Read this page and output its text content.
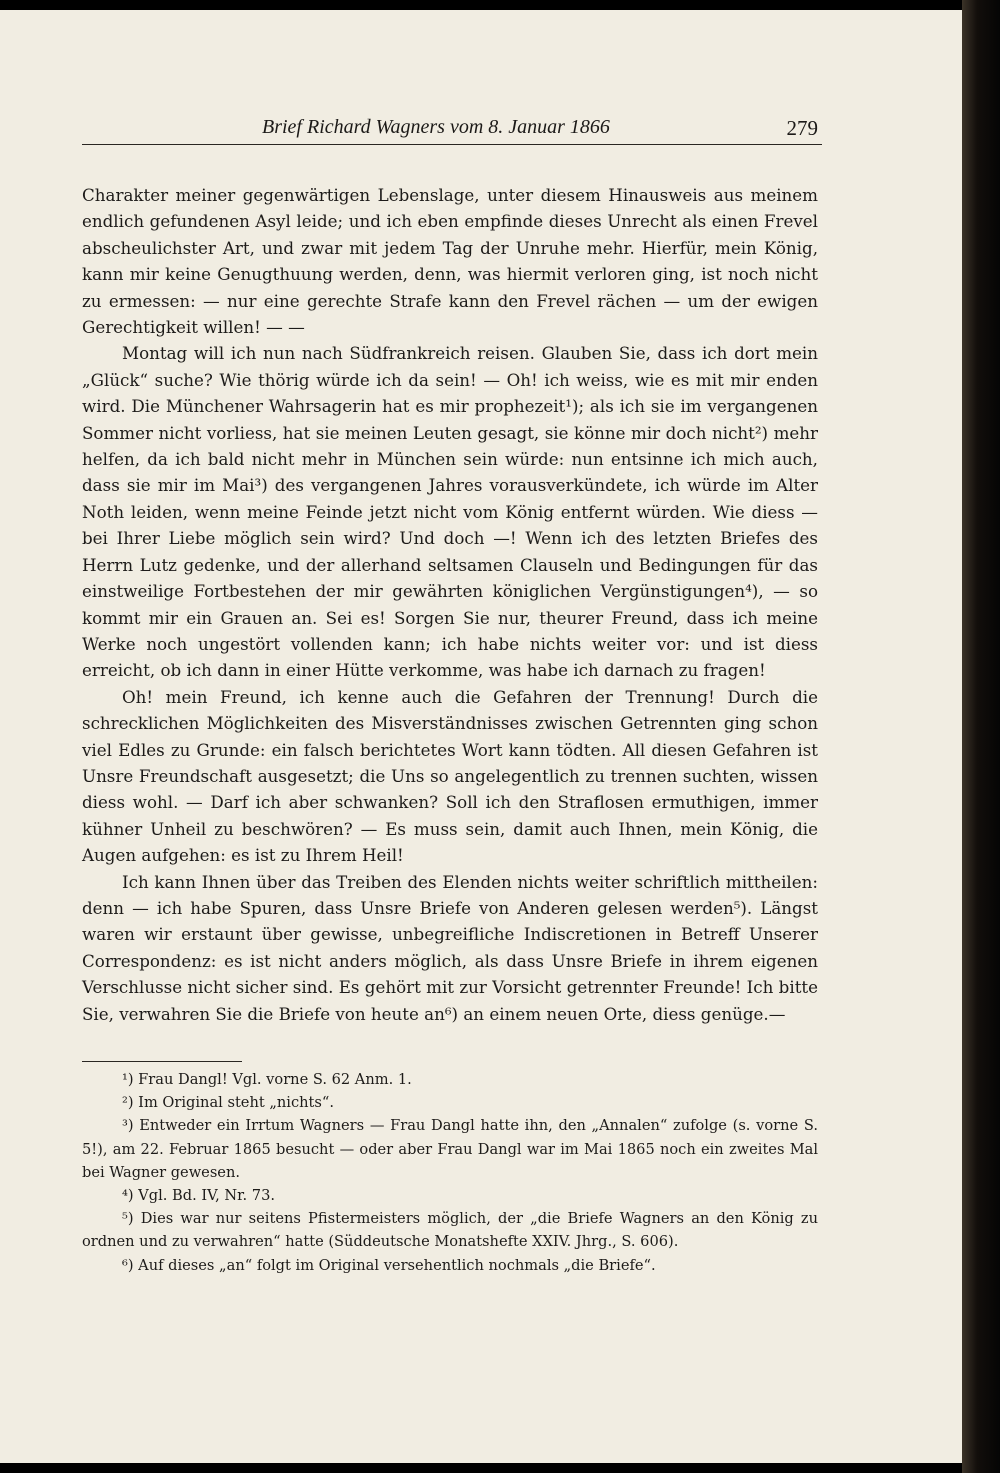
Brief Richard Wagners vom 8. Januar 1866	279

Charakter meiner gegenwärtigen Lebenslage, unter diesem Hinausweis aus meinem endlich gefundenen Asyl leide; und ich eben empfinde dieses Unrecht als einen Frevel abscheulichster Art, und zwar mit jedem Tag der Unruhe mehr. Hierfür, mein König, kann mir keine Genugthuung werden, denn, was hiermit verloren ging, ist noch nicht zu ermessen: — nur eine gerechte Strafe kann den Frevel rächen — um der ewigen Gerechtigkeit willen! — —

Montag will ich nun nach Südfrankreich reisen. Glauben Sie, dass ich dort mein „Glück“ suche? Wie thörig würde ich da sein! — Oh! ich weiss, wie es mit mir enden wird. Die Münchener Wahrsagerin hat es mir prophezeit¹); als ich sie im vergangenen Sommer nicht vorliess, hat sie meinen Leuten gesagt, sie könne mir doch nicht²) mehr helfen, da ich bald nicht mehr in München sein würde: nun entsinne ich mich auch, dass sie mir im Mai³) des vergangenen Jahres vorausverkündete, ich würde im Alter Noth leiden, wenn meine Feinde jetzt nicht vom König entfernt würden. Wie diess — bei Ihrer Liebe möglich sein wird? Und doch —! Wenn ich des letzten Briefes des Herrn Lutz gedenke, und der allerhand seltsamen Clauseln und Bedingungen für das einstweilige Fortbestehen der mir gewährten königlichen Vergünstigungen⁴), — so kommt mir ein Grauen an. Sei es! Sorgen Sie nur, theurer Freund, dass ich meine Werke noch ungestört vollenden kann; ich habe nichts weiter vor: und ist diess erreicht, ob ich dann in einer Hütte verkomme, was habe ich darnach zu fragen!

Oh! mein Freund, ich kenne auch die Gefahren der Trennung! Durch die schrecklichen Möglichkeiten des Misverständnisses zwischen Getrennten ging schon viel Edles zu Grunde: ein falsch berichtetes Wort kann tödten. All diesen Gefahren ist Unsre Freundschaft ausgesetzt; die Uns so angelegentlich zu trennen suchten, wissen diess wohl. — Darf ich aber schwanken? Soll ich den Straflosen ermuthigen, immer kühner Unheil zu beschwören? — Es muss sein, damit auch Ihnen, mein König, die Augen aufgehen: es ist zu Ihrem Heil!

Ich kann Ihnen über das Treiben des Elenden nichts weiter schriftlich mittheilen: denn — ich habe Spuren, dass Unsre Briefe von Anderen gelesen werden⁵). Längst waren wir erstaunt über gewisse, unbegreifliche Indiscretionen in Betreff Unserer Correspondenz: es ist nicht anders möglich, als dass Unsre Briefe in ihrem eigenen Verschlusse nicht sicher sind. Es gehört mit zur Vorsicht getrennter Freunde! Ich bitte Sie, verwahren Sie die Briefe von heute an⁶) an einem neuen Orte, diess genüge.—

¹) Frau Dangl! Vgl. vorne S. 62 Anm. 1.

²) Im Original steht „nichts“.

³) Entweder ein Irrtum Wagners — Frau Dangl hatte ihn, den „Annalen“ zufolge (s. vorne S. 5!), am 22. Februar 1865 besucht — oder aber Frau Dangl war im Mai 1865 noch ein zweites Mal bei Wagner gewesen.

⁴) Vgl. Bd. IV, Nr. 73.

⁵) Dies war nur seitens Pfistermeisters möglich, der „die Briefe Wagners an den König zu ordnen und zu verwahren“ hatte (Süddeutsche Monatshefte XXIV. Jhrg., S. 606).

⁶) Auf dieses „an“ folgt im Original versehentlich nochmals „die Briefe“.
